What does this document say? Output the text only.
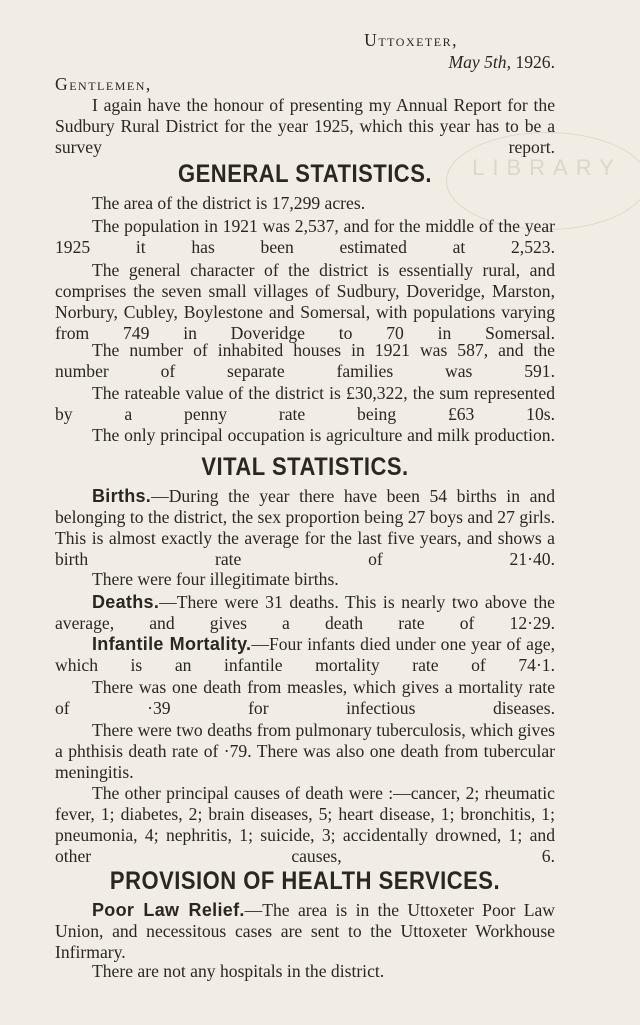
LIBRARY

Uttoxeter,

May 5th, 1926.

Gentlemen,

I again have the honour of presenting my Annual Report for the Sudbury Rural District for the year 1925, which this year has to be a survey report.

GENERAL STATISTICS.

The area of the district is 17,299 acres.

The population in 1921 was 2,537, and for the middle of the year 1925 it has been estimated at 2,523.

The general character of the district is essentially rural, and comprises the seven small villages of Sudbury, Doveridge, Marston, Norbury, Cubley, Boylestone and Somersal, with populations varying from 749 in Doveridge to 70 in Somersal.

The number of inhabited houses in 1921 was 587, and the number of separate families was 591.

The rateable value of the district is £30,322, the sum represented by a penny rate being £63 10s.

The only principal occupation is agriculture and milk production.

VITAL STATISTICS.

Births.—During the year there have been 54 births in and belonging to the district, the sex proportion being 27 boys and 27 girls. This is almost exactly the average for the last five years, and shows a birth rate of 21·40.

There were four illegitimate births.

Deaths.—There were 31 deaths. This is nearly two above the average, and gives a death rate of 12·29.

Infantile Mortality.—Four infants died under one year of age, which is an infantile mortality rate of 74·1.

There was one death from measles, which gives a mortality rate of ·39 for infectious diseases.

There were two deaths from pulmonary tuberculosis, which gives a phthisis death rate of ·79. There was also one death from tubercular meningitis.

The other principal causes of death were :—cancer, 2; rheumatic fever, 1; diabetes, 2; brain diseases, 5; heart disease, 1; bronchitis, 1; pneumonia, 4; nephritis, 1; suicide, 3; accidentally drowned, 1; and other causes, 6.

PROVISION OF HEALTH SERVICES.

Poor Law Relief.—The area is in the Uttoxeter Poor Law Union, and necessitous cases are sent to the Uttoxeter Workhouse Infirmary.

There are not any hospitals in the district.
